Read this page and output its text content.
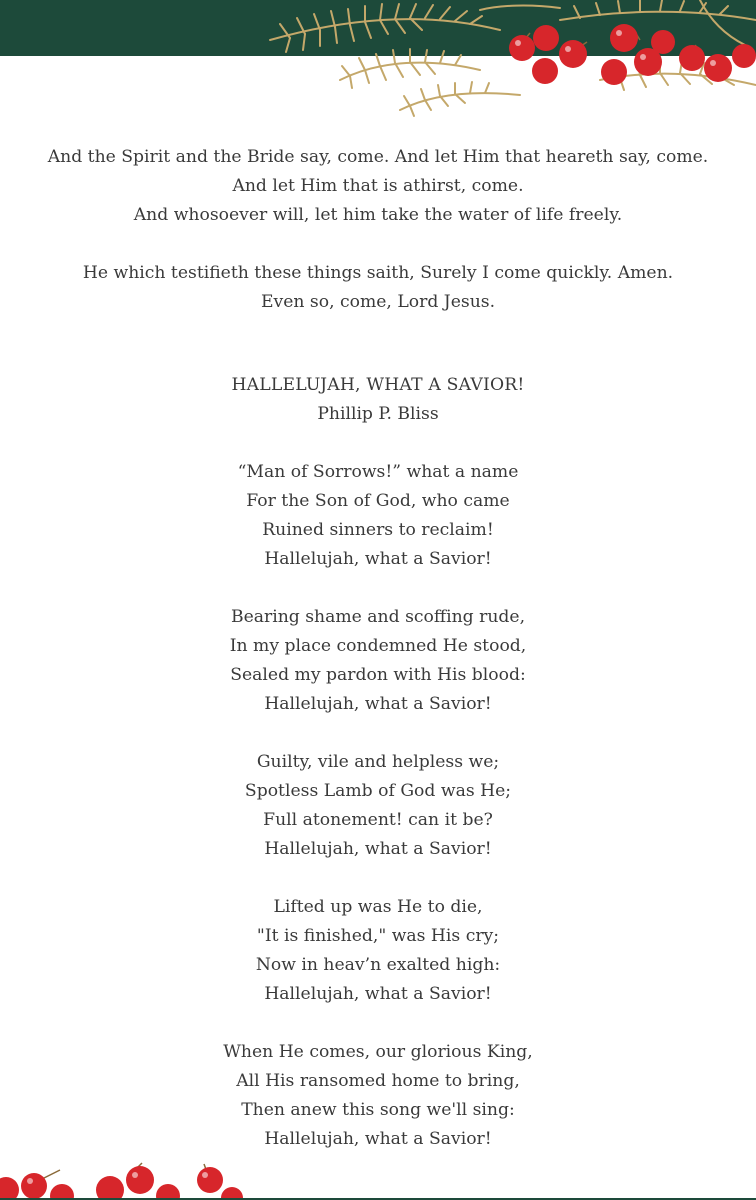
And the Spirit and the Bride say, come. And let Him that heareth say, come.
And let Him that is athirst, come.
And whosoever will, let him take the water of life freely.
He which testifieth these things saith, Surely I come quickly. Amen.
Even so, come, Lord Jesus.
HALLELUJAH, WHAT A SAVIOR!
Phillip P. Bliss
“Man of Sorrows!” what a name
For the Son of God, who came
Ruined sinners to reclaim!
Hallelujah, what a Savior!
Bearing shame and scoffing rude,
In my place condemned He stood,
Sealed my pardon with His blood:
Hallelujah, what a Savior!
Guilty, vile and helpless we;
Spotless Lamb of God was He;
Full atonement! can it be?
Hallelujah, what a Savior!
Lifted up was He to die,
"It is finished," was His cry;
Now in heav’n exalted high:
Hallelujah, what a Savior!
When He comes, our glorious King,
All His ransomed home to bring,
Then anew this song we'll sing:
Hallelujah, what a Savior!
